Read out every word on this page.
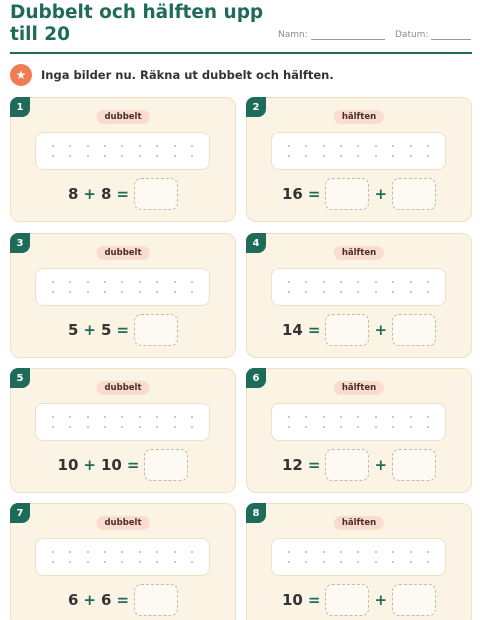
Dubbelt och hälften upp till 20	Namn:	Datum:
★	Inga bilder nu. Räkna ut dubbelt och hälften.
1
dubbelt
8 + 8 =
2
hälften
16 =	+
3
dubbelt
5 + 5 =
4
hälften
14 =	+
5
dubbelt
10 + 10 =
6
hälften
12 =	+
7
dubbelt
6 + 6 =
8
hälften
10 =	+
